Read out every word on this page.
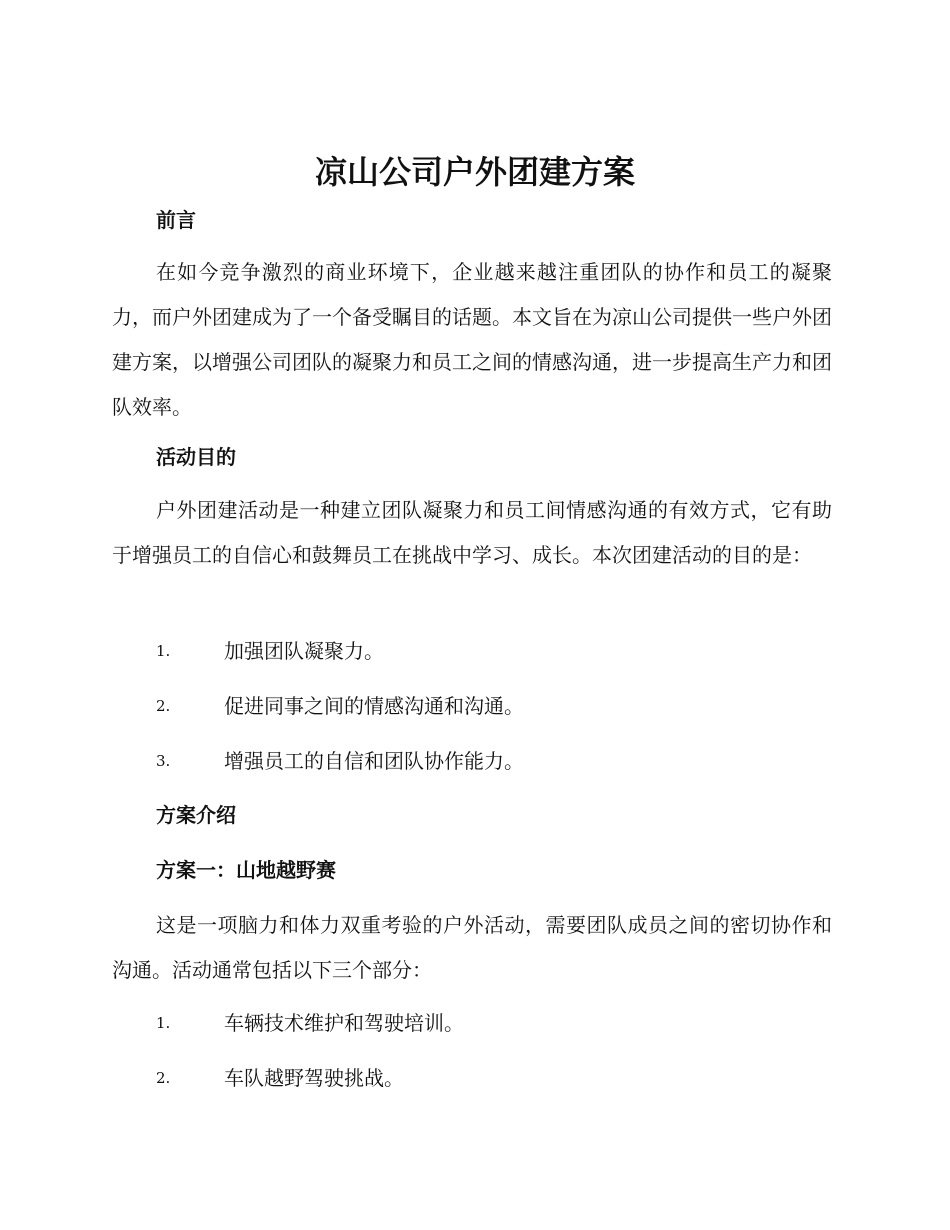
凉山公司户外团建方案
前言

在如今竞争激烈的商业环境下，企业越来越注重团队的协作和员工的凝聚力，而户外团建成为了一个备受瞩目的话题。本文旨在为凉山公司提供一些户外团建方案，以增强公司团队的凝聚力和员工之间的情感沟通，进一步提高生产力和团队效率。

活动目的

户外团建活动是一种建立团队凝聚力和员工间情感沟通的有效方式，它有助于增强员工的自信心和鼓舞员工在挑战中学习、成长。本次团建活动的目的是：

1.	加强团队凝聚力。
2.	促进同事之间的情感沟通和沟通。
3.	增强员工的自信和团队协作能力。
方案介绍
方案一：山地越野赛

这是一项脑力和体力双重考验的户外活动，需要团队成员之间的密切协作和沟通。活动通常包括以下三个部分：

1.	车辆技术维护和驾驶培训。
2.	车队越野驾驶挑战。
